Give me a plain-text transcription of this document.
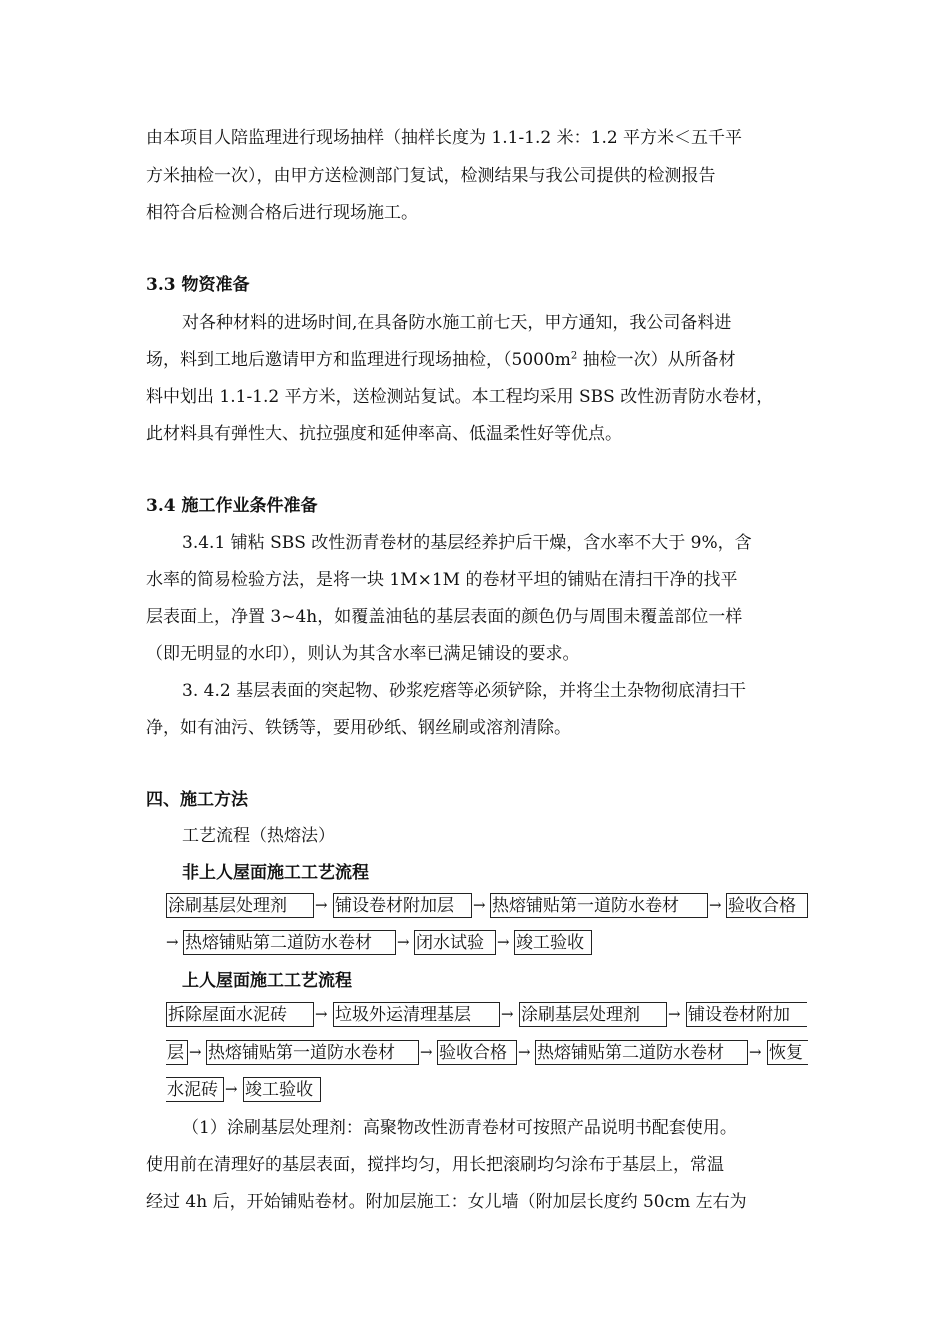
由本项目人陪监理进行现场抽样（抽样长度为 1.1-1.2 米：1.2 平方米＜五千平
方米抽检一次），由甲方送检测部门复试，检测结果与我公司提供的检测报告
相符合后检测合格后进行现场施工。
3.3 物资准备
对各种材料的进场时间,在具备防水施工前七天，甲方通知，我公司备料进
场，料到工地后邀请甲方和监理进行现场抽检，（$5000m^2$ 抽检一次）从所备材
料中划出 1.1-1.2 平方米，送检测站复试。本工程均采用 SBS 改性沥青防水卷材，
此材料具有弹性大、抗拉强度和延伸率高、低温柔性好等优点。
3.4 施工作业条件准备
3.4.1 铺粘 SBS 改性沥青卷材的基层经养护后干燥，含水率不大于 9%，含
水率的简易检验方法，是将一块 1M×1M 的卷材平坦的铺贴在清扫干净的找平
层表面上，净置 3~4h，如覆盖油毡的基层表面的颜色仍与周围未覆盖部位一样
（即无明显的水印），则认为其含水率已满足铺设的要求。
3. 4.2 基层表面的突起物、砂浆疙瘩等必须铲除，并将尘土杂物彻底清扫干
净，如有油污、铁锈等，要用砂纸、钢丝刷或溶剂清除。
四、施工方法
工艺流程（热熔法）
非上人屋面施工工艺流程
涂刷基层处理剂	→ 铺设卷材附加层	→ 热熔铺贴第一道防水卷材	→ 验收合格
→ 热熔铺贴第二道防水卷材	→ 闭水试验 → 竣工验收
上人屋面施工工艺流程
拆除屋面水泥砖	→ 垃圾外运清理基层	→ 涂刷基层处理剂	→ 铺设卷材附加
层 → 热熔铺贴第一道防水卷材	→ 验收合格 → 热熔铺贴第二道防水卷材	→ 恢复
水泥砖 → 竣工验收
（1）涂刷基层处理剂：高聚物改性沥青卷材可按照产品说明书配套使用。
使用前在清理好的基层表面，搅拌均匀，用长把滚刷均匀涂布于基层上，常温
经过 4h 后，开始铺贴卷材。附加层施工：女儿墙（附加层长度约 50cm 左右为
